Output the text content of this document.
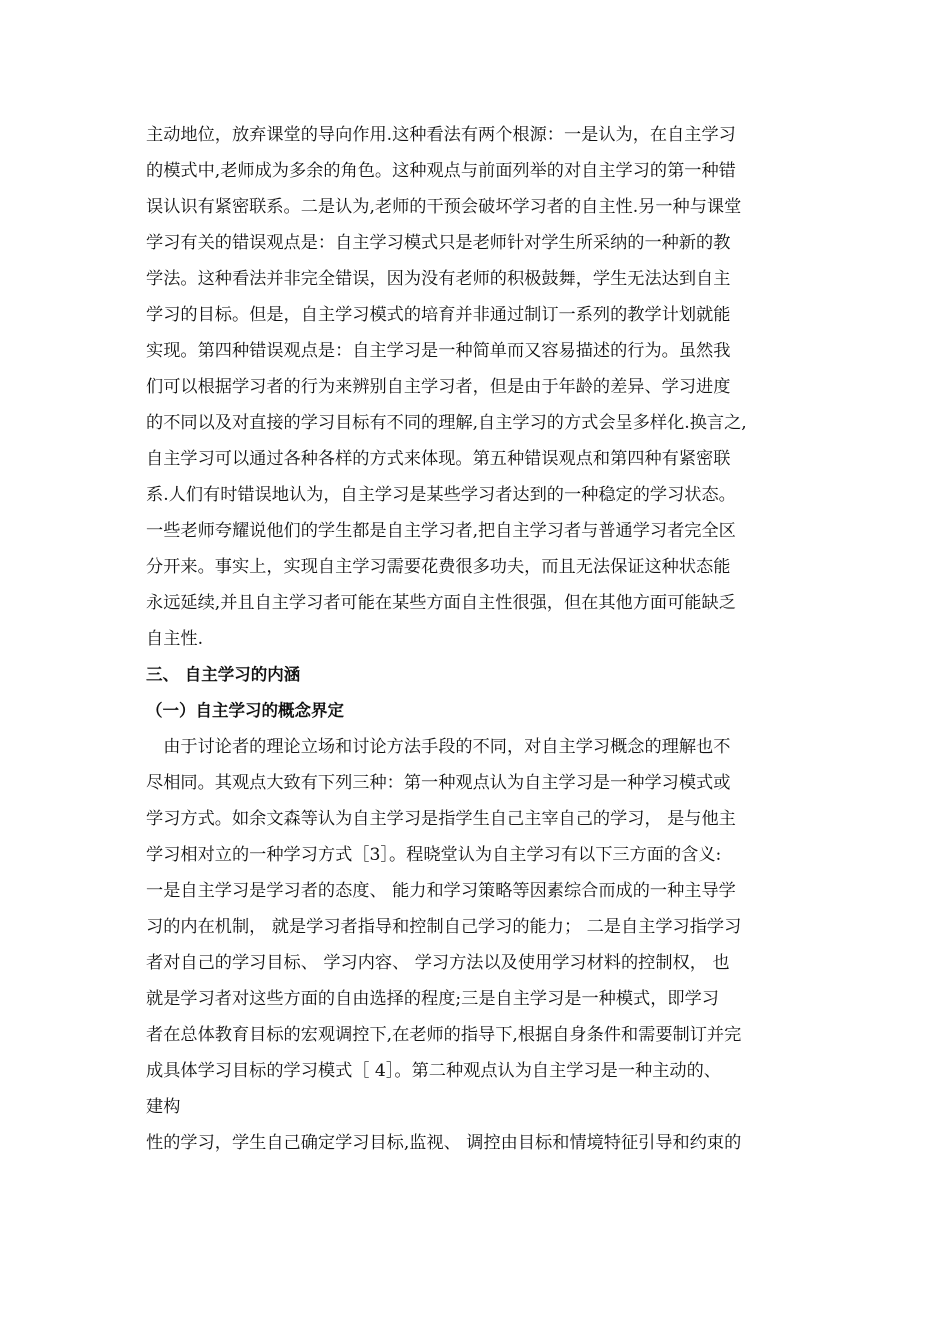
主动地位，放弃课堂的导向作用.这种看法有两个根源：一是认为，在自主学习
的模式中,老师成为多余的角色。这种观点与前面列举的对自主学习的第一种错
误认识有紧密联系。二是认为,老师的干预会破坏学习者的自主性.另一种与课堂
学习有关的错误观点是：自主学习模式只是老师针对学生所采纳的一种新的教
学法。这种看法并非完全错误，因为没有老师的积极鼓舞，学生无法达到自主
学习的目标。但是，自主学习模式的培育并非通过制订一系列的教学计划就能
实现。第四种错误观点是：自主学习是一种简单而又容易描述的行为。虽然我
们可以根据学习者的行为来辨别自主学习者，但是由于年龄的差异、学习进度
的不同以及对直接的学习目标有不同的理解,自主学习的方式会呈多样化.换言之,
自主学习可以通过各种各样的方式来体现。第五种错误观点和第四种有紧密联
系.人们有时错误地认为，自主学习是某些学习者达到的一种稳定的学习状态。
一些老师夸耀说他们的学生都是自主学习者,把自主学习者与普通学习者完全区
分开来。事实上，实现自主学习需要花费很多功夫，而且无法保证这种状态能
永远延续,并且自主学习者可能在某些方面自主性很强，但在其他方面可能缺乏
自主性.
三、 自主学习的内涵
（一）自主学习的概念界定
　由于讨论者的理论立场和讨论方法手段的不同，对自主学习概念的理解也不
尽相同。其观点大致有下列三种：第一种观点认为自主学习是一种学习模式或
学习方式。如余文森等认为自主学习是指学生自己主宰自己的学习， 是与他主
学习相对立的一种学习方式［3］。程晓堂认为自主学习有以下三方面的含义:
一是自主学习是学习者的态度、 能力和学习策略等因素综合而成的一种主导学
习的内在机制， 就是学习者指导和控制自己学习的能力； 二是自主学习指学习
者对自己的学习目标、 学习内容、 学习方法以及使用学习材料的控制权， 也
就是学习者对这些方面的自由选择的程度;三是自主学习是一种模式，即学习
者在总体教育目标的宏观调控下,在老师的指导下,根据自身条件和需要制订并完
成具体学习目标的学习模式［ 4］。第二种观点认为自主学习是一种主动的、
建构
性的学习，学生自己确定学习目标,监视、 调控由目标和情境特征引导和约束的
